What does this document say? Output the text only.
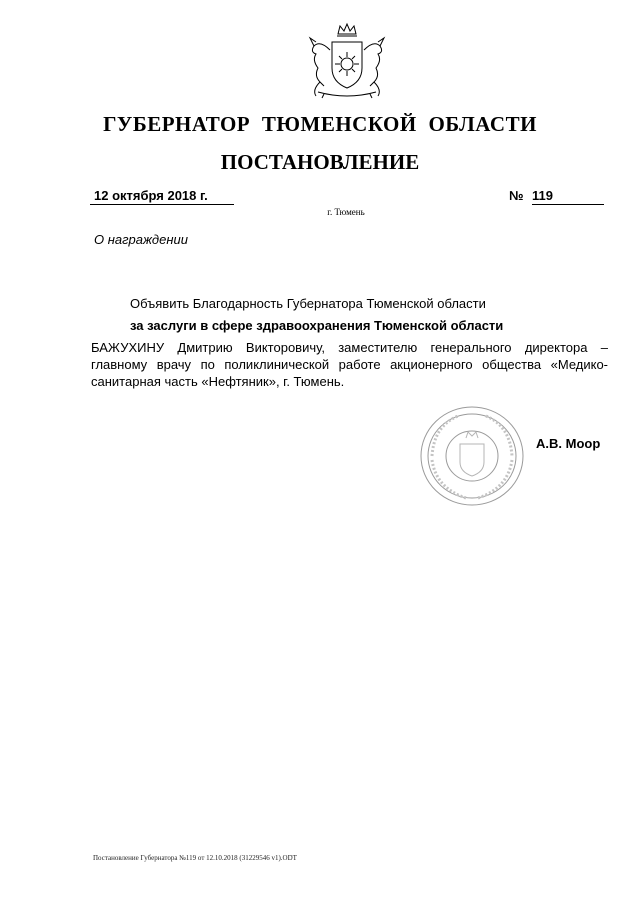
ГУБЕРНАТОР ТЮМЕНСКОЙ ОБЛАСТИ
ПОСТАНОВЛЕНИЕ
12 октября 2018 г.	№ 119
г. Тюмень
О награждении
Объявить Благодарность Губернатора Тюменской области
за заслуги в сфере здравоохранения Тюменской области
БАЖУХИНУ Дмитрию Викторовичу, заместителю генерального директора – главному врачу по поликлинической работе акционерного общества «Медико-санитарная часть «Нефтяник», г. Тюмень.
А.В. Моор
Постановление Губернатора №119 от 12.10.2018 (31229546 v1).ODT
